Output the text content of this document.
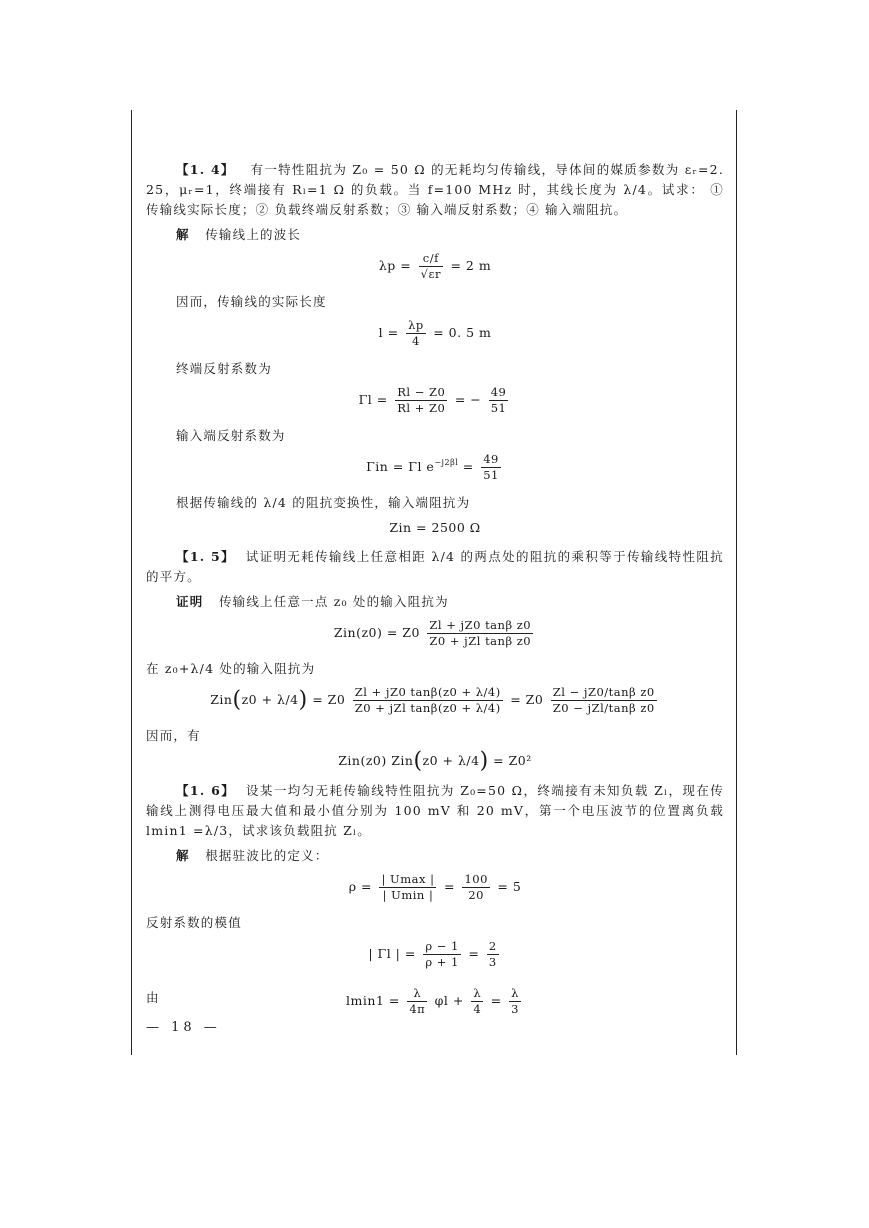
【1. 4】 有一特性阻抗为 Z₀ = 50 Ω 的无耗均匀传输线，导体间的媒质参数为 εᵣ=2. 25，μᵣ=1，终端接有 Rₗ=1 Ω 的负载。当 f=100 MHz 时，其线长度为 λ/4。试求： ① 传输线实际长度；② 负载终端反射系数；③ 输入端反射系数；④ 输入端阻抗。

解 传输线上的波长

$\lambda p = \frac{c/f}{√\varepsilon r} = 2$ m

因而，传输线的实际长度

$l = \frac{\lambda p}{4} = 0$. 5 m

终端反射系数为

$\Gamma l = \frac{Rl - Z0}{Rl + Z0}$ = − $\frac{49}{51}$

输入端反射系数为

Γin = Γl $e^{-j2\beta l} = \frac{49}{51}$

根据传输线的 λ/4 的阻抗变换性，输入端阻抗为

Zin = 2500 Ω

【1. 5】 试证明无耗传输线上任意相距 λ/4 的两点处的阻抗的乘积等于传输线特性阻抗的平方。

证明 传输线上任意一点 z₀ 处的输入阻抗为

$Zin(z0) = Z0 \frac{\text{Zl + jZ0 tanβ z0}}{\text{Z0 + jZl tanβ z0}}$

在 z₀+λ/4 处的输入阻抗为

$Zin(z0 + \lambda/4) = Z0 \frac{Zl + jZ0 \tan\beta(z0 + \lambda/4)}{\text{Z0 + jZl tanβ(z0 + λ/4)}} = Z0 \frac{\text{Zl − jZ0/tanβ z0}}{\text{Z0 − jZl/tanβ z0}}$

因而，有

Zin(z0) Zin(z0 + λ/4) = Z0²

【1. 6】 设某一均匀无耗传输线特性阻抗为 Z₀=50 Ω，终端接有未知负载 Zₗ，现在传输线上测得电压最大值和最小值分别为 100 mV 和 20 mV，第一个电压波节的位置离负载lmin1 =λ/3，试求该负载阻抗 Zₗ。

解 根据驻波比的定义：

$\rho = \frac{| Umax |}{| Umin |} = \frac{100}{20} = 5$

反射系数的模值

| Γl | = $\frac{\rho - 1}{\rho + 1} = \frac{2}{3}$
由	$lmin1 = \frac{\lambda}{4\pi}$ $\varphi l + \frac{\lambda}{4} = \frac{\lambda}{3}$
— 18 —
